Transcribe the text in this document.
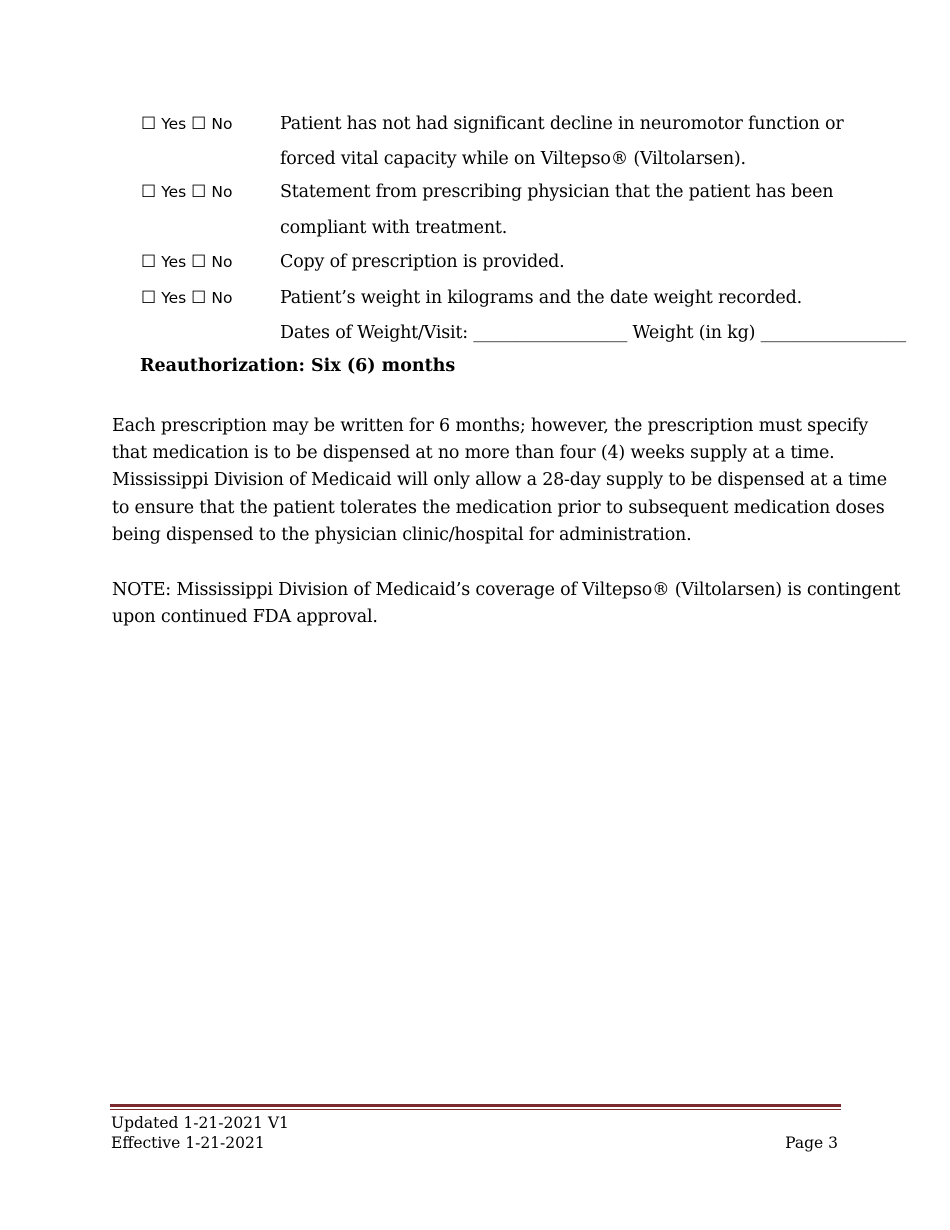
☐ Yes ☐ No	Patient has not had significant decline in neuromotor function or
forced vital capacity while on Viltepso® (Viltolarsen).
☐ Yes ☐ No	Statement from prescribing physician that the patient has been
compliant with treatment.
☐ Yes ☐ No	Copy of prescription is provided.
☐ Yes ☐ No	Patient’s weight in kilograms and the date weight recorded.
Dates of Weight/Visit: __________________ Weight (in kg) _________________
Reauthorization: Six (6) months
Each prescription may be written for 6 months; however, the prescription must specify
that medication is to be dispensed at no more than four (4) weeks supply at a time.
Mississippi Division of Medicaid will only allow a 28-day supply to be dispensed at a time
to ensure that the patient tolerates the medication prior to subsequent medication doses
being dispensed to the physician clinic/hospital for administration.
NOTE: Mississippi Division of Medicaid’s coverage of Viltepso® (Viltolarsen) is contingent
upon continued FDA approval.
Updated 1-21-2021 V1
Effective 1-21-2021	Page 3
